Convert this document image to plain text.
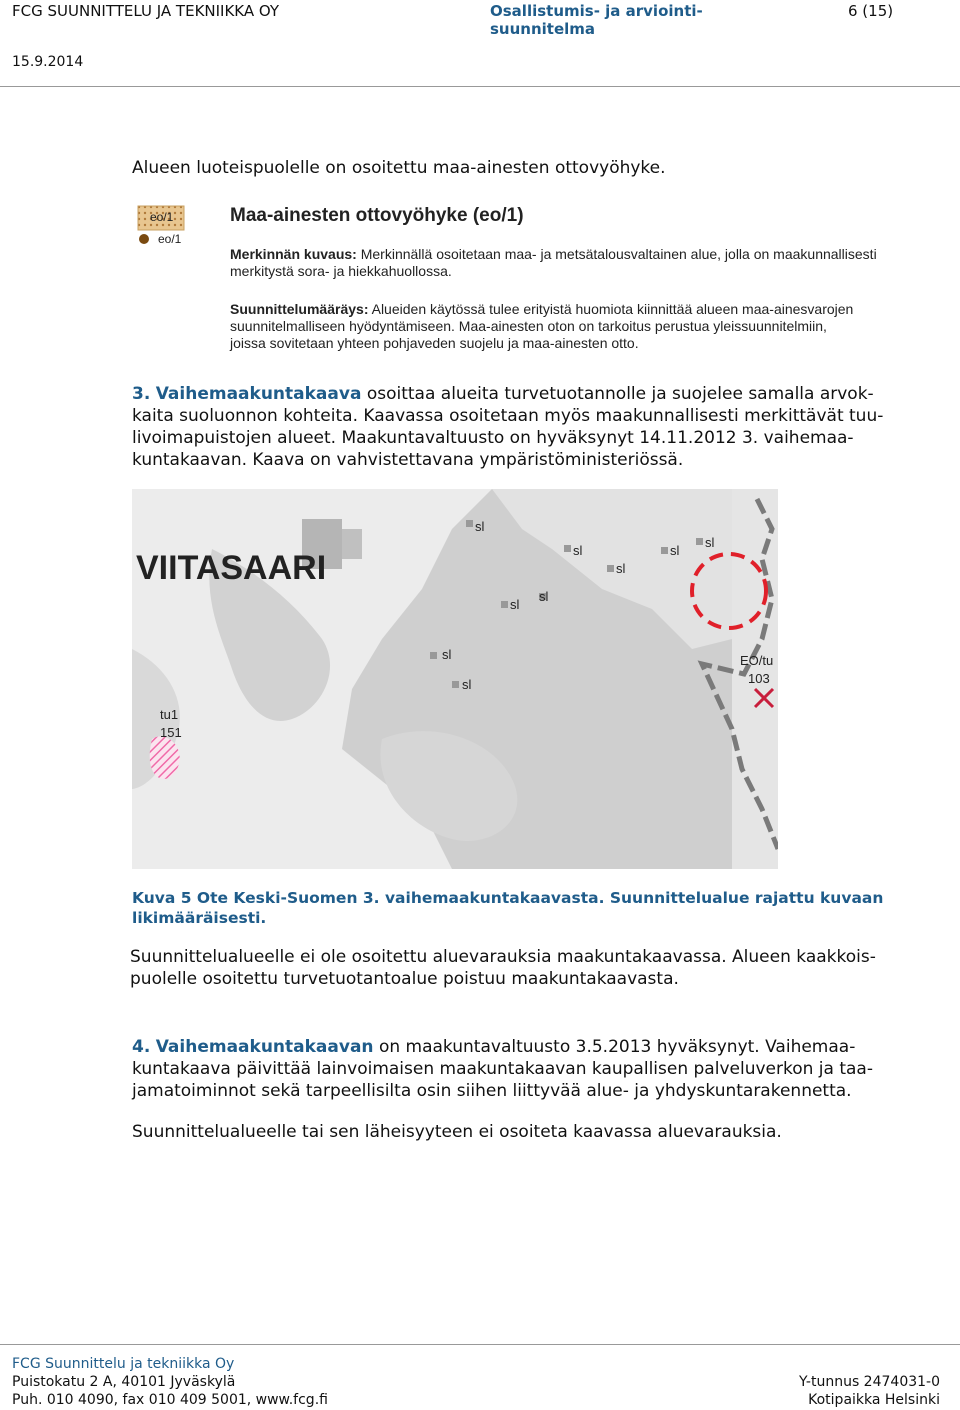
FCG SUUNNITTELU JA TEKNIIKKA OY	Osallistumis- ja arviointi-
suunnitelma
6 (15)
15.9.2014
Alueen luoteispuolelle on osoitettu maa-ainesten ottovyöhyke.
eo/1
eo/1
Maa-ainesten ottovyöhyke (eo/1)
Merkinnän kuvaus: Merkinnällä osoitetaan maa- ja metsätalousvaltainen alue, jolla on maakunnallisesti
merkitystä sora- ja hiekkahuollossa.
Suunnittelumääräys: Alueiden käytössä tulee erityistä huomiota kiinnittää alueen maa-ainesvarojen
suunnitelmalliseen hyödyntämiseen. Maa-ainesten oton on tarkoitus perustua yleissuunnitelmiin,
joissa sovitetaan yhteen pohjaveden suojelu ja maa-ainesten otto.
3. Vaihemaakuntakaava osoittaa alueita turvetuotannolle ja suojelee samalla arvok-
kaita suoluonnon kohteita. Kaavassa osoitetaan myös maakunnallisesti merkittävät tuu-
livoimapuistojen alueet. Maakuntavaltuusto on hyväksynyt 14.11.2012 3. vaihemaa-
kuntakaavan. Kaava on vahvistettavana ympäristöministeriössä.
VIITASAARI
sl
sl	sl
sl
sl
sl
sl
sl
sl
EO/tu
103
tu1
151
Kuva 5 Ote Keski-Suomen 3. vaihemaakuntakaavasta. Suunnittelualue rajattu kuvaan
likimääräisesti.
Suunnittelualueelle ei ole osoitettu aluevarauksia maakuntakaavassa. Alueen kaakkois-
puolelle osoitettu turvetuotantoalue poistuu maakuntakaavasta.
4. Vaihemaakuntakaavan on maakuntavaltuusto 3.5.2013 hyväksynyt. Vaihemaa-
kuntakaava päivittää lainvoimaisen maakuntakaavan kaupallisen palveluverkon ja taa-
jamatoiminnot sekä tarpeellisilta osin siihen liittyvää alue- ja yhdyskuntarakennetta.
Suunnittelualueelle tai sen läheisyyteen ei osoiteta kaavassa aluevarauksia.
FCG Suunnittelu ja tekniikka Oy
Puistokatu 2 A, 40101 Jyväskylä
Puh. 010 4090, fax 010 409 5001, www.fcg.fi
Y-tunnus 2474031-0
Kotipaikka Helsinki
